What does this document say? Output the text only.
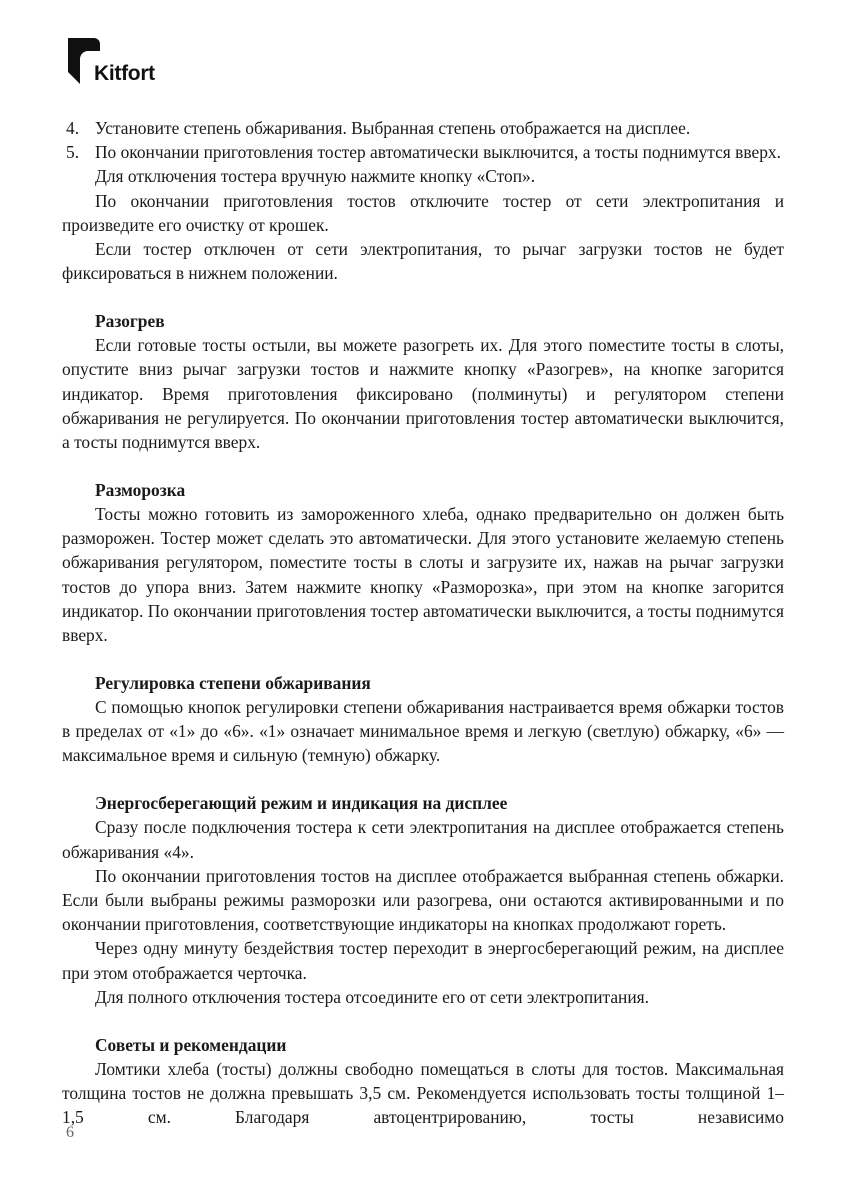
Kitfort

4. Установите степень обжаривания. Выбранная степень отображается на дисплее.

5. По окончании приготовления тостер автоматически выключится, а тосты поднимутся вверх.

Для отключения тостера вручную нажмите кнопку «Стоп».

По окончании приготовления тостов отключите тостер от сети электропитания и произведите его очистку от крошек.

Если тостер отключен от сети электропитания, то рычаг загрузки тостов не будет фиксироваться в нижнем положении.

Разогрев

Если готовые тосты остыли, вы можете разогреть их. Для этого поместите тосты в слоты, опустите вниз рычаг загрузки тостов и нажмите кнопку «Разогрев», на кнопке загорится индикатор. Время приготовления фиксировано (полминуты) и регулятором степени обжаривания не регулируется. По окончании приготовления тостер автоматически выключится, а тосты поднимутся вверх.

Разморозка

Тосты можно готовить из замороженного хлеба, однако предварительно он должен быть разморожен. Тостер может сделать это автоматически. Для этого установите желаемую степень обжаривания регулятором, поместите тосты в слоты и загрузите их, нажав на рычаг загрузки тостов до упора вниз. Затем нажмите кнопку «Разморозка», при этом на кнопке загорится индикатор. По окончании приготовления тостер автоматически выключится, а тосты поднимутся вверх.

Регулировка степени обжаривания

С помощью кнопок регулировки степени обжаривания настраивается время обжарки тостов в пределах от «1» до «6». «1» означает минимальное время и легкую (светлую) обжарку, «6» — максимальное время и сильную (темную) обжарку.

Энергосберегающий режим и индикация на дисплее

Сразу после подключения тостера к сети электропитания на дисплее отображается степень обжаривания «4».

По окончании приготовления тостов на дисплее отображается выбранная степень обжарки. Если были выбраны режимы разморозки или разогрева, они остаются активированными и по окончании приготовления, соответствующие индикаторы на кнопках продолжают гореть.

Через одну минуту бездействия тостер переходит в энергосберегающий режим, на дисплее при этом отображается черточка.

Для полного отключения тостера отсоедините его от сети электропитания.

Советы и рекомендации

Ломтики хлеба (тосты) должны свободно помещаться в слоты для тостов. Максимальная толщина тостов не должна превышать 3,5 см. Рекомендуется использовать тосты толщиной 1–1,5 см. Благодаря автоцентрированию, тосты независимо

6
